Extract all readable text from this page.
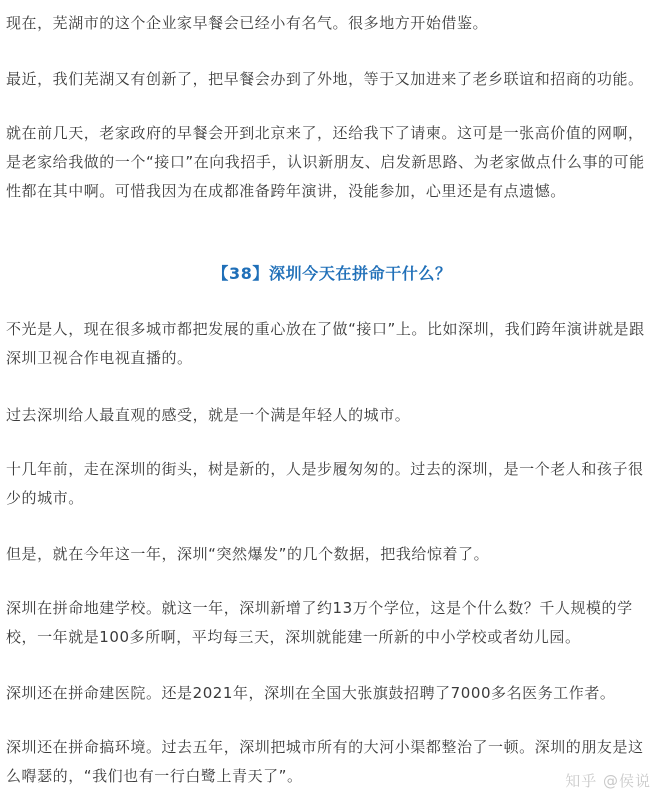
现在，芜湖市的这个企业家早餐会已经小有名气。很多地方开始借鉴。

最近，我们芜湖又有创新了，把早餐会办到了外地，等于又加进来了老乡联谊和招商的功能。

就在前几天，老家政府的早餐会开到北京来了，还给我下了请柬。这可是一张高价值的网啊，
是老家给我做的一个“接口”在向我招手，认识新朋友、启发新思路、为老家做点什么事的可能
性都在其中啊。可惜我因为在成都准备跨年演讲，没能参加，心里还是有点遗憾。

【38】深圳今天在拼命干什么？

不光是人，现在很多城市都把发展的重心放在了做“接口”上。比如深圳，我们跨年演讲就是跟
深圳卫视合作电视直播的。

过去深圳给人最直观的感受，就是一个满是年轻人的城市。

十几年前，走在深圳的街头，树是新的，人是步履匆匆的。过去的深圳，是一个老人和孩子很
少的城市。

但是，就在今年这一年，深圳“突然爆发”的几个数据，把我给惊着了。

深圳在拼命地建学校。就这一年，深圳新增了约13万个学位，这是个什么数？千人规模的学
校，一年就是100多所啊，平均每三天，深圳就能建一所新的中小学校或者幼儿园。

深圳还在拼命建医院。还是2021年，深圳在全国大张旗鼓招聘了7000多名医务工作者。

深圳还在拼命搞环境。过去五年，深圳把城市所有的大河小渠都整治了一顿。深圳的朋友是这
么嘚瑟的，“我们也有一行白鹭上青天了”。	知乎 @侯说
